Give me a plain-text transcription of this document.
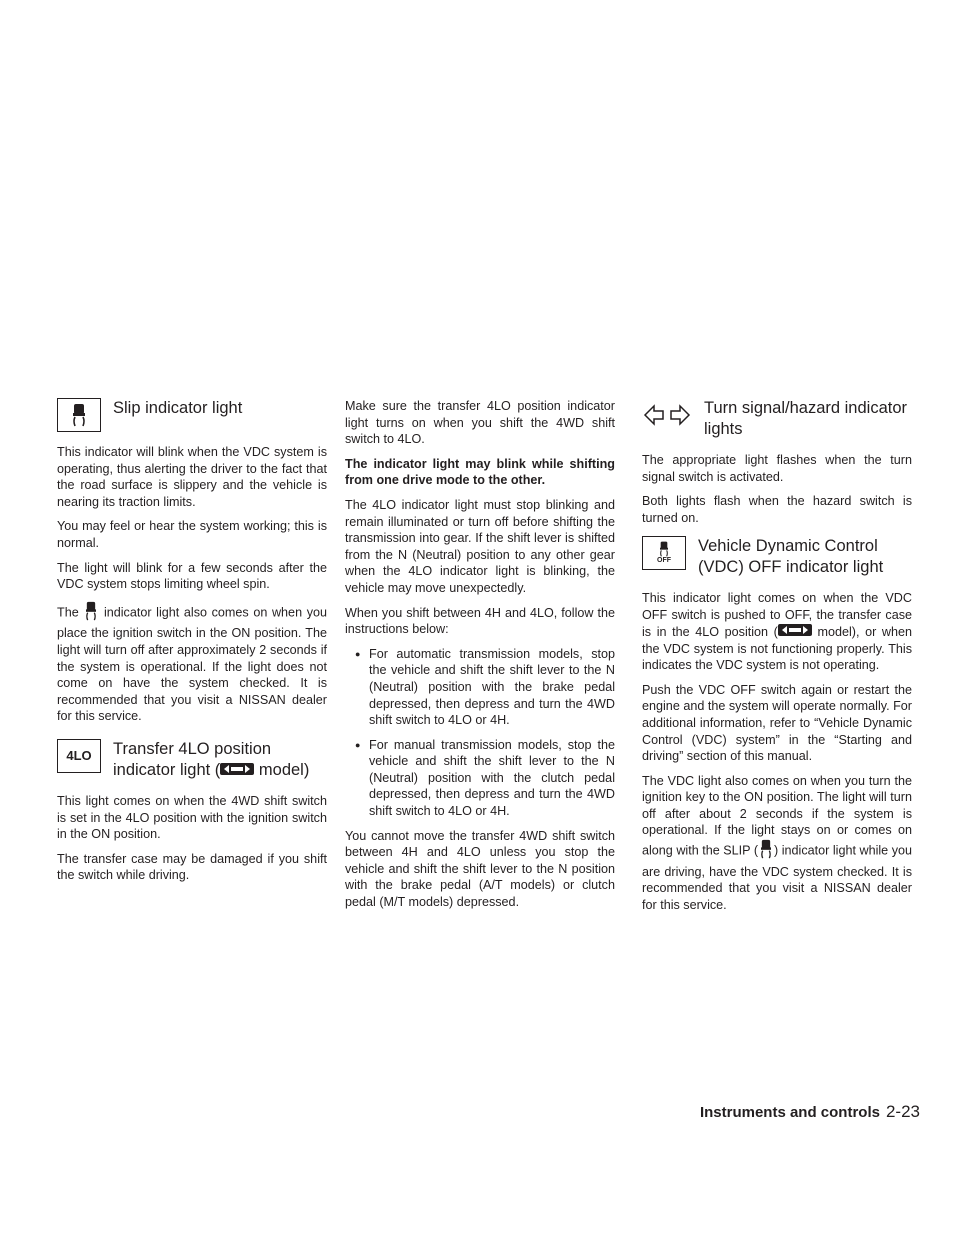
Slip indicator light

This indicator will blink when the VDC system is operating, thus alerting the driver to the fact that the road surface is slippery and the vehicle is nearing its traction limits.

You may feel or hear the system working; this is normal.

The light will blink for a few seconds after the VDC system stops limiting wheel spin.

The indicator light also comes on when you place the ignition switch in the ON position. The light will turn off after approximately 2 seconds if the system is operational. If the light does not come on have the system checked. It is recommended that you visit a NISSAN dealer for this service.

4LO Transfer 4LO position indicator light ( model)

This light comes on when the 4WD shift switch is set in the 4LO position with the ignition switch in the ON position.

The transfer case may be damaged if you shift the switch while driving.

Make sure the transfer 4LO position indicator light turns on when you shift the 4WD shift switch to 4LO.

The indicator light may blink while shifting from one drive mode to the other.

The 4LO indicator light must stop blinking and remain illuminated or turn off before shifting the transmission into gear. If the shift lever is shifted from the N (Neutral) position to any other gear when the 4LO indicator light is blinking, the vehicle may move unexpectedly.

When you shift between 4H and 4LO, follow the instructions below:

● For automatic transmission models, stop the vehicle and shift the shift lever to the N (Neutral) position with the brake pedal depressed, then depress and turn the 4WD shift switch to 4LO or 4H.
● For manual transmission models, stop the vehicle and shift the shift lever to the N (Neutral) position with the clutch pedal depressed, then depress and turn the 4WD shift switch to 4LO or 4H.

You cannot move the transfer 4WD shift switch between 4H and 4LO unless you stop the vehicle and shift the shift lever to the N position with the brake pedal (A/T models) or clutch pedal (M/T models) depressed.

Turn signal/hazard indicator lights

The appropriate light flashes when the turn signal switch is activated.

Both lights flash when the hazard switch is turned on.

OFF
Vehicle Dynamic Control (VDC) OFF indicator light

This indicator light comes on when the VDC OFF switch is pushed to OFF, the transfer case is in the 4LO position (	model), or when the VDC system is not functioning properly. This indicates the VDC system is not operating.

Push the VDC OFF switch again or restart the engine and the system will operate normally. For additional information, refer to “Vehicle Dynamic Control (VDC) system” in the “Starting and driving” section of this manual.

The VDC light also comes on when you turn the ignition key to the ON position. The light will turn off after about 2 seconds if the system is operational. If the light stays on or comes on along with the SLIP ( ) indicator light while you are driving, have the VDC system checked. It is recommended that you visit a NISSAN dealer for this service.

Instruments and controls 2-23
